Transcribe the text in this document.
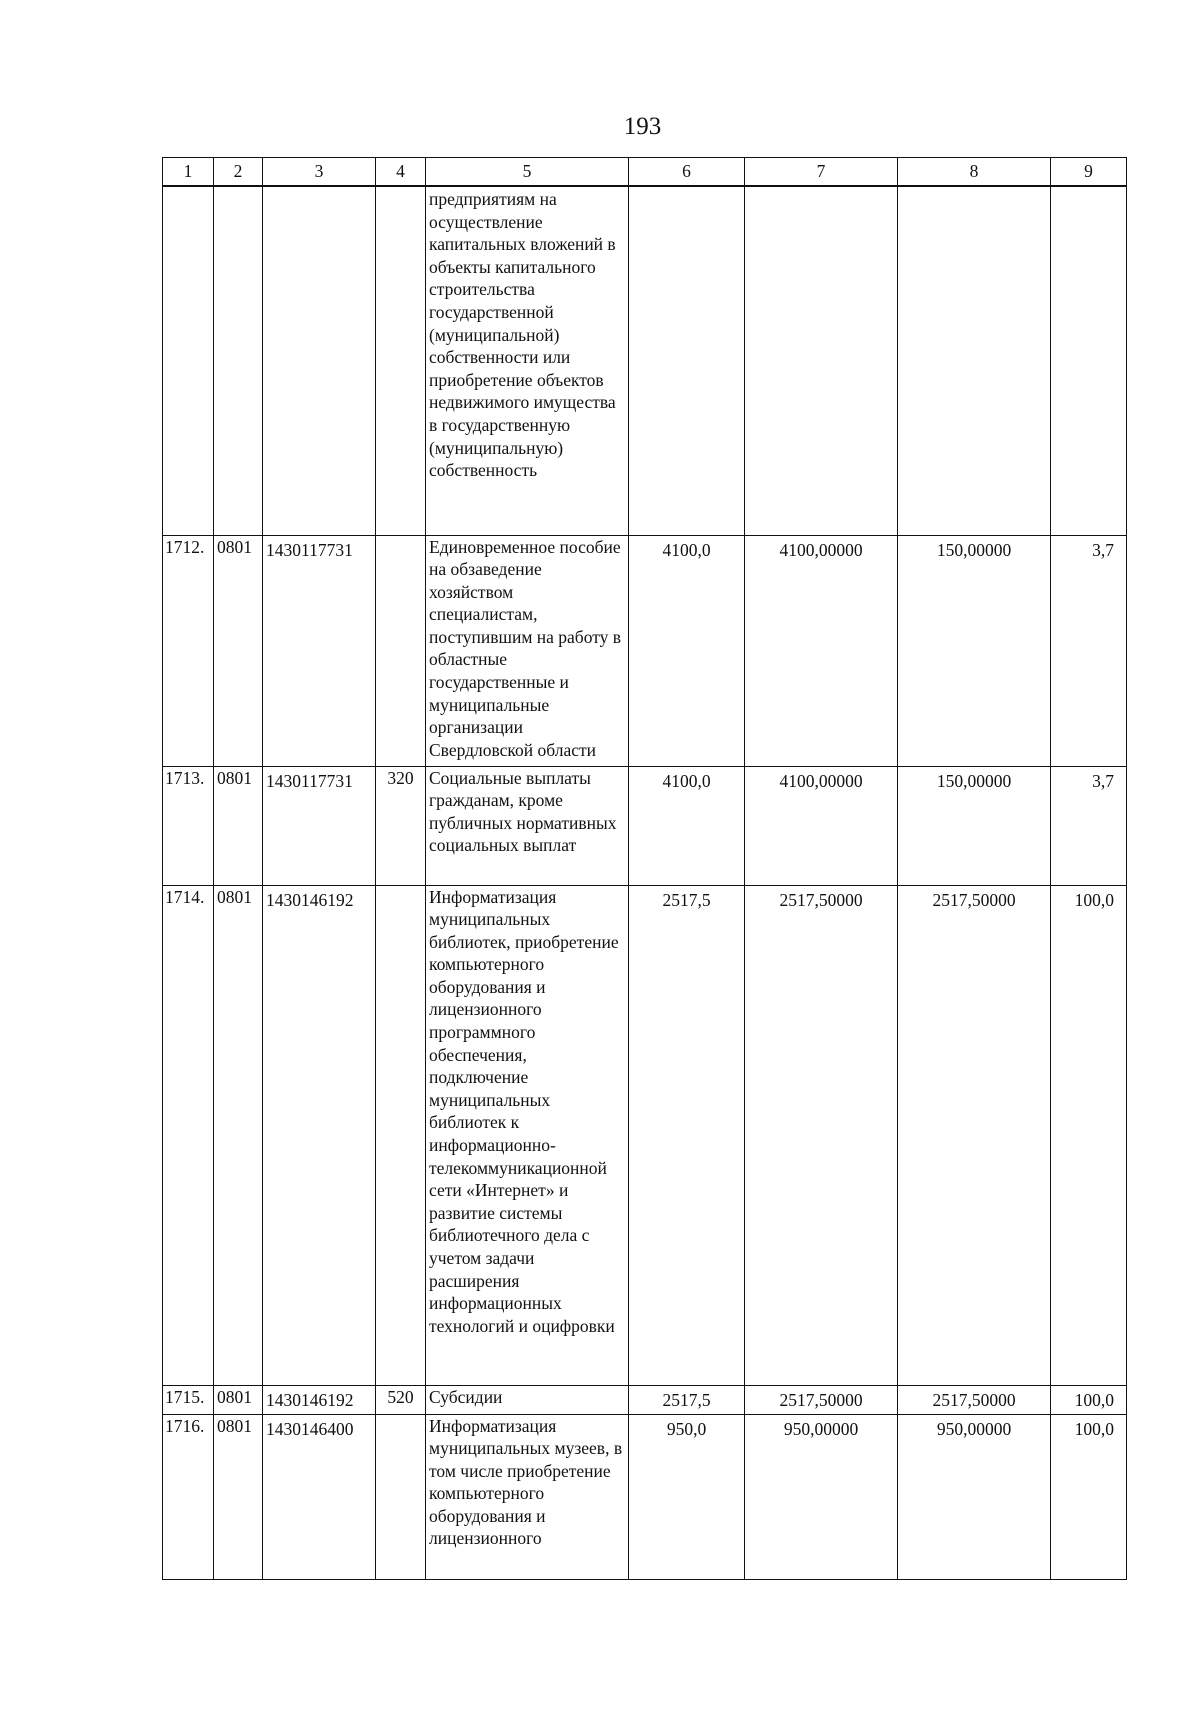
193
1	2	3	4	5	6	7	8	9
				предприятиям на осуществление капитальных вложений в объекты капитального строительства государственной (муниципальной) собственности или приобретение объектов недвижимого имущества в государственную (муниципальную) собственность				
1712.	0801	1430117731		Единовременное пособие на обзаведение хозяйством специалистам, поступившим на работу в областные государственные и муниципальные организации Свердловской области	4100,0	4100,00000	150,00000	3,7
1713.	0801	1430117731	320	Социальные выплаты гражданам, кроме публичных нормативных социальных выплат	4100,0	4100,00000	150,00000	3,7
1714.	0801	1430146192		Информатизация муниципальных библиотек, приобретение компьютерного оборудования и лицензионного программного обеспечения, подключение муниципальных библиотек к информационно-телекоммуникационной сети «Интернет» и развитие системы библиотечного дела с учетом задачи расширения информационных технологий и оцифровки	2517,5	2517,50000	2517,50000	100,0
1715.	0801	1430146192	520	Субсидии	2517,5	2517,50000	2517,50000	100,0
1716.	0801	1430146400		Информатизация муниципальных музеев, в том числе приобретение компьютерного оборудования и лицензионного	950,0	950,00000	950,00000	100,0
